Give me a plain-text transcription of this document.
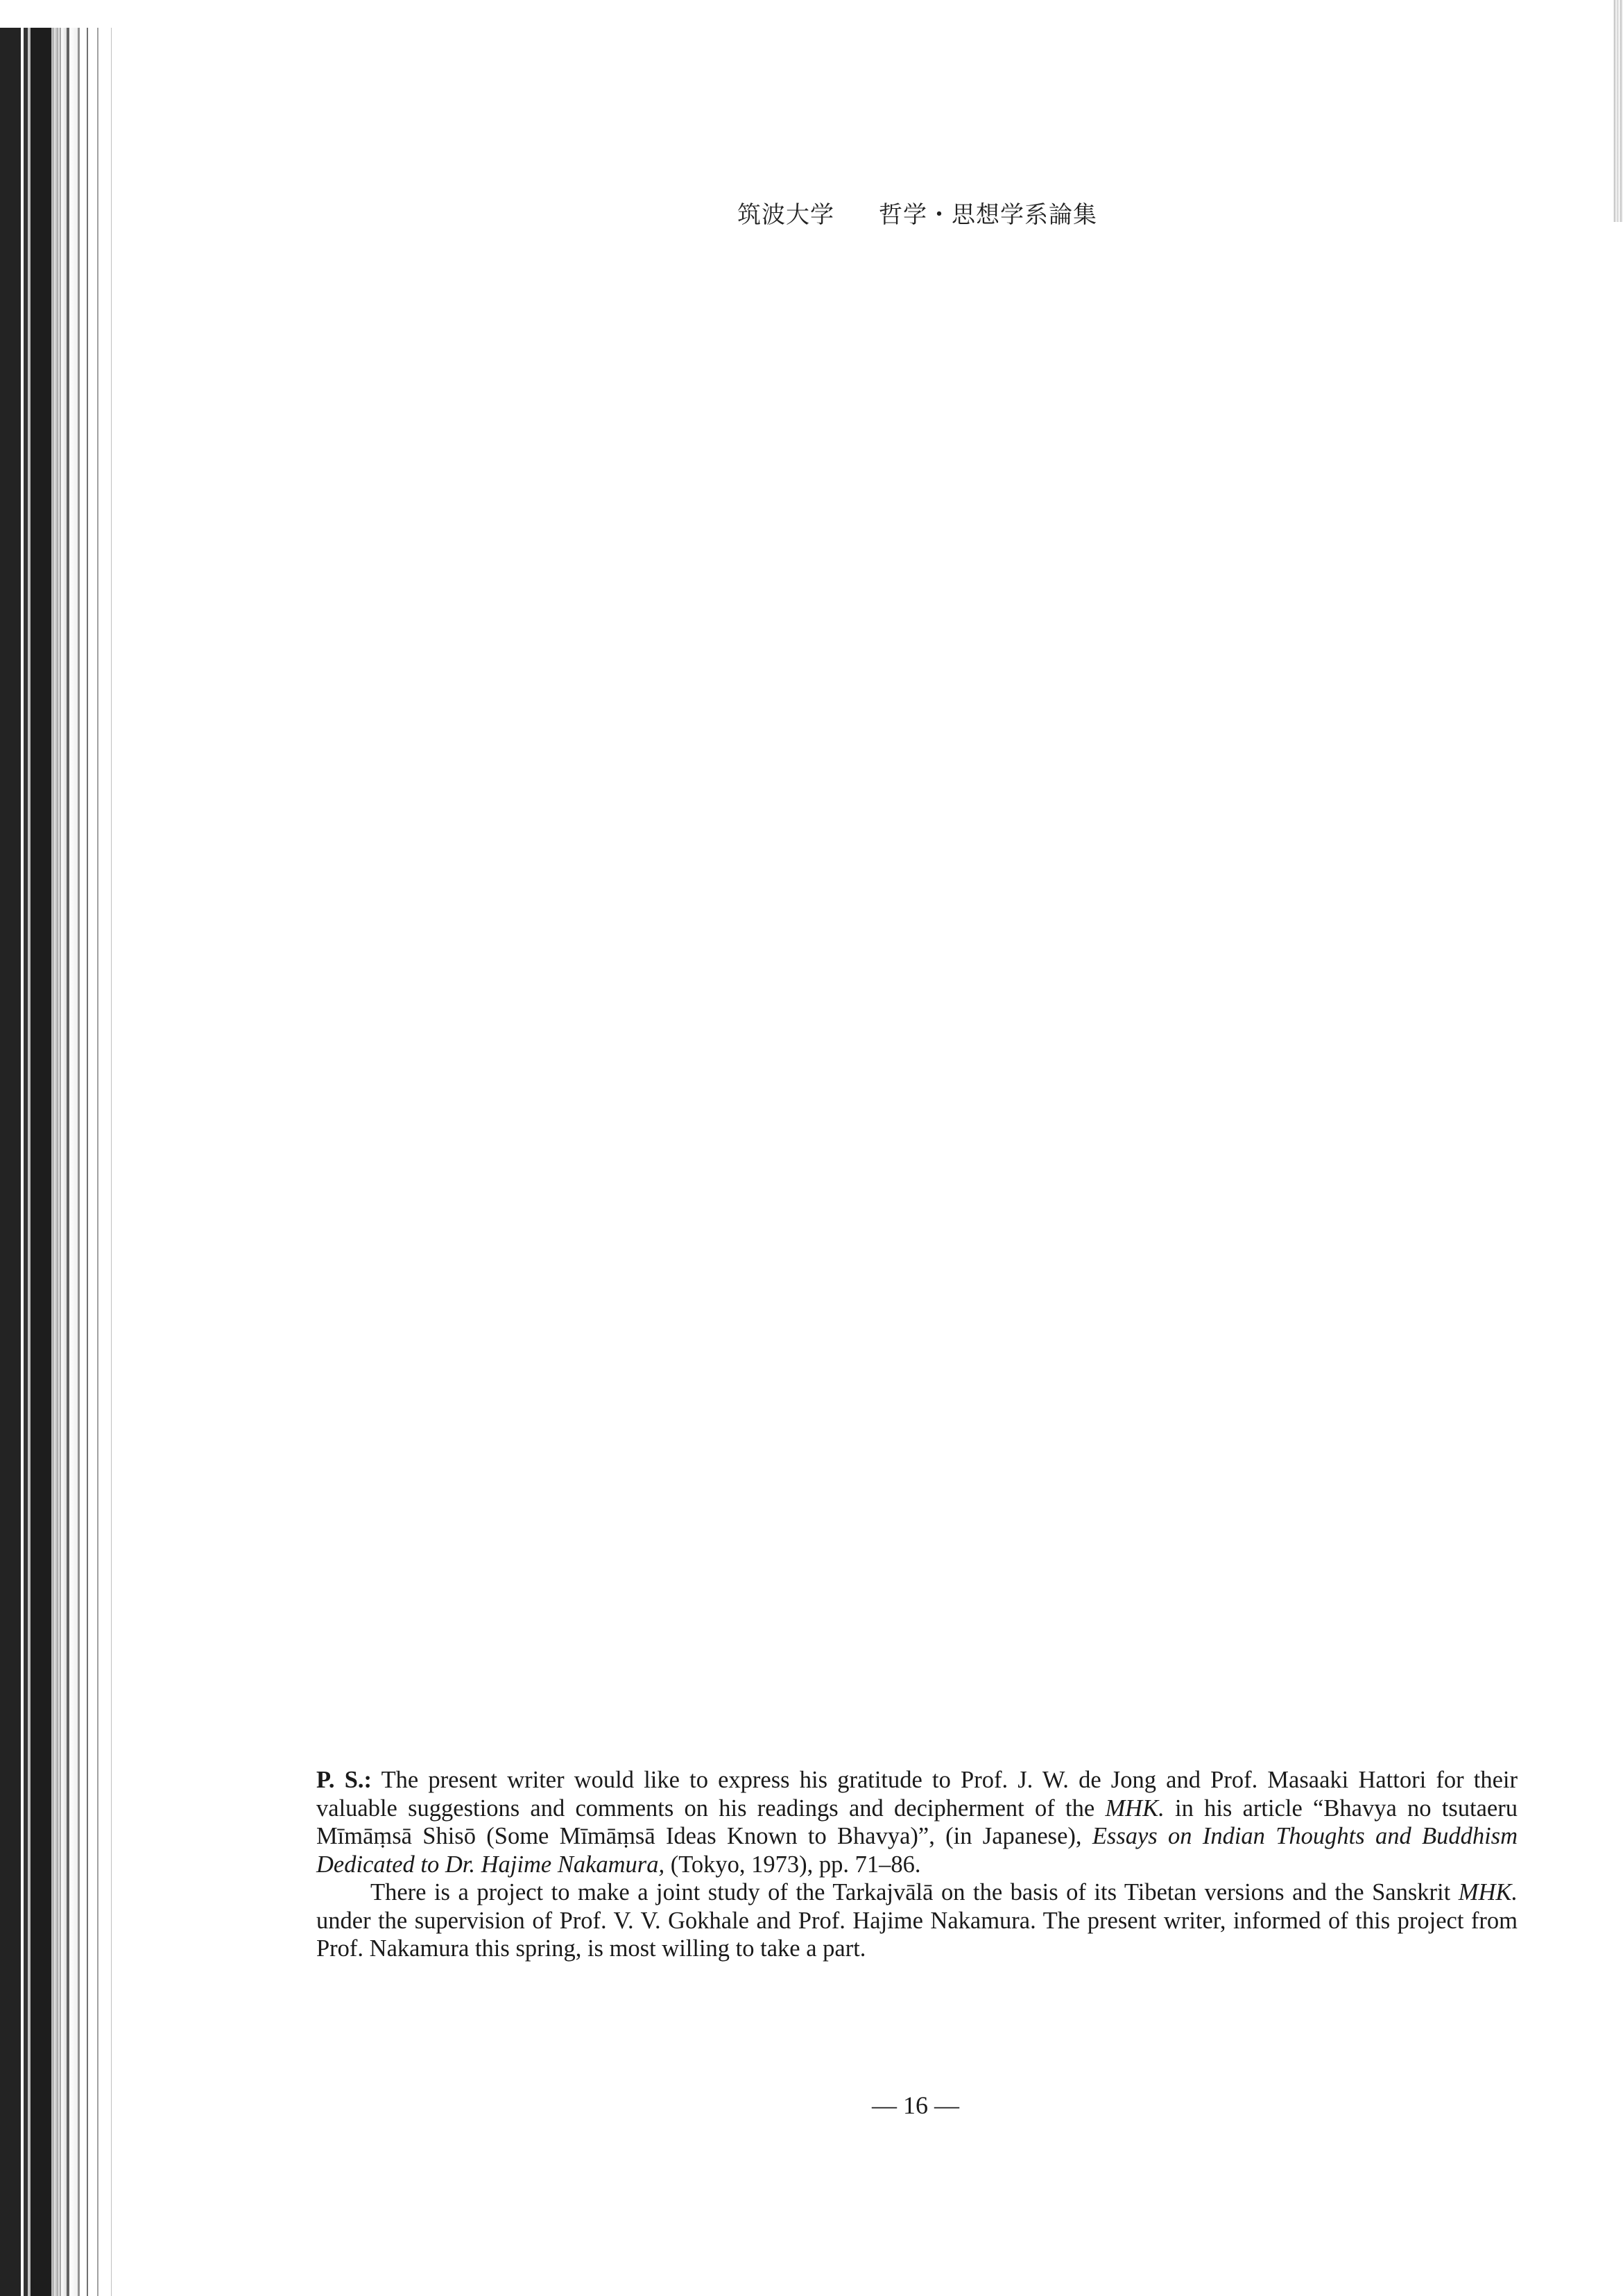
筑波大学 哲学・思想学系論集

P. S.: The present writer would like to express his gratitude to Prof. J. W. de Jong and Prof. Masaaki Hattori for their valuable suggestions and comments on his readings and decipherment of the MHK. in his article “Bhavya no tsutaeru Mīmāṃsā Shisō (Some Mīmāṃsā Ideas Known to Bhavya)”, (in Japanese), Essays on Indian Thoughts and Buddhism Dedicated to Dr. Hajime Nakamura, (Tokyo, 1973), pp. 71–86.

There is a project to make a joint study of the Tarkajvālā on the basis of its Tibetan versions and the Sanskrit MHK. under the supervision of Prof. V. V. Gokhale and Prof. Hajime Nakamura. The present writer, informed of this project from Prof. Nakamura this spring, is most willing to take a part.

— 16 —
